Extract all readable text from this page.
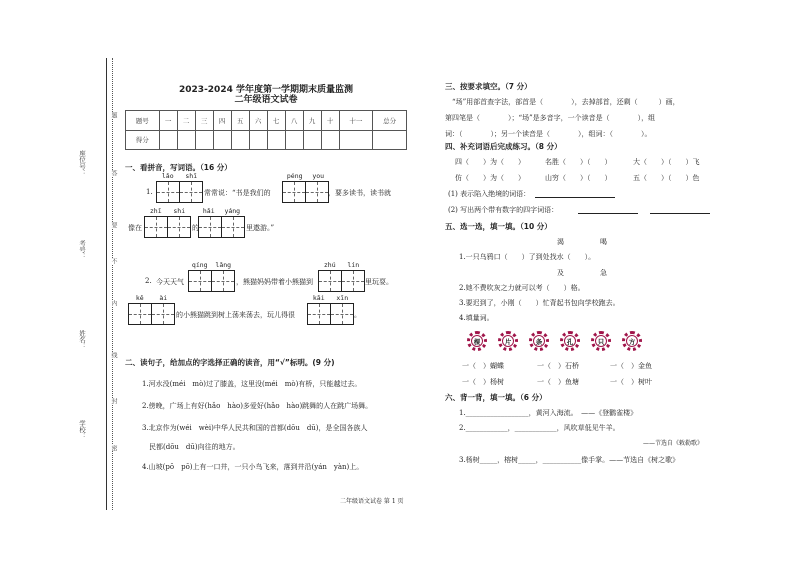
题
答
要
不
内
线
封
密
座位号：
考号：
姓名：
学校：
2023-2024 学年度第一学期期末质量监测
二年级语文试卷
题号	一	二	三	四	五	六	七	八	九	十	十一	总分
得分												
一、看拼音，写词语。（16 分）
1.
lǎo shī
常常说：“书是我们的
péng you
，要多读书，读书就
像在
zhī shi
的
hǎi yáng
里遨游。”
2. 今天天气
qíng lǎng
，熊猫妈妈带着小熊猫到
zhú lín
里玩耍。
kě ài
的小熊猫跳到树上荡来荡去，玩儿得很
kāi xīn
。
二、读句子，给加点的字选择正确的读音，用“√”标明。(9 分)
1.河水没(méi　mò)过了膝盖，这里没(méi　mò)有桥，只能越过去。
2.傍晚，广场上有好(hǎo　hào)多爱好(hǎo　hào)跳舞的人在跳广场舞。
3.北京作为(wéi　wèi)中华人民共和国的首都(dōu　dū)，是全国各族人
民都(dōu　dū)向往的地方。
4.山坡(pō　pō)上有一口井，一只小鸟飞来，落到井沿(yán　yàn)上。
三、按要求填空。（7 分）
“场”用部首查字法，部首是（　　　　），去掉部首，还剩（　　　）画，
第四笔是（　　　　）；“场”是多音字，一个读音是（　　　　），组
词：（　　　　）；另一个读音是（　　　　），组词：（　　　　）。
四、补充词语后完成练习。（8 分）
四（　　）为（　　）	名胜（　　）（　　）	大（　　）（　　）飞
仿（　　）为（　　）	山穷（　　）（　　）	五（　　）（　　）色
(1) 表示陷入绝境的词语：
(2) 写出两个带有数字的四字词语：
五、选一选，填一填。（10 分）
渴	喝
1.一只乌鸦口（　　）了到处找水（　　）。
及	急
2.她不费吹灰之力就可以考（　　）格。
3.要迟到了，小刚（　　）忙背起书包向学校跑去。
4.填量词。
棵	片	条	孔	只	方
一（　）蝴蝶	一（　）石桥	一（　）金鱼
一（　）杨树	一（　）鱼塘	一（　）树叶
六、背一背，填一填。（6 分）
1.__________________，黄河入海流。　——《登鹳雀楼》
2.____________，____________，风吹草低见牛羊。
——节选自《敕勒歌》
3.杨树_____，榕树_____，___________像手掌。——节选自《树之歌》
二年级语文试卷 第 1 页
